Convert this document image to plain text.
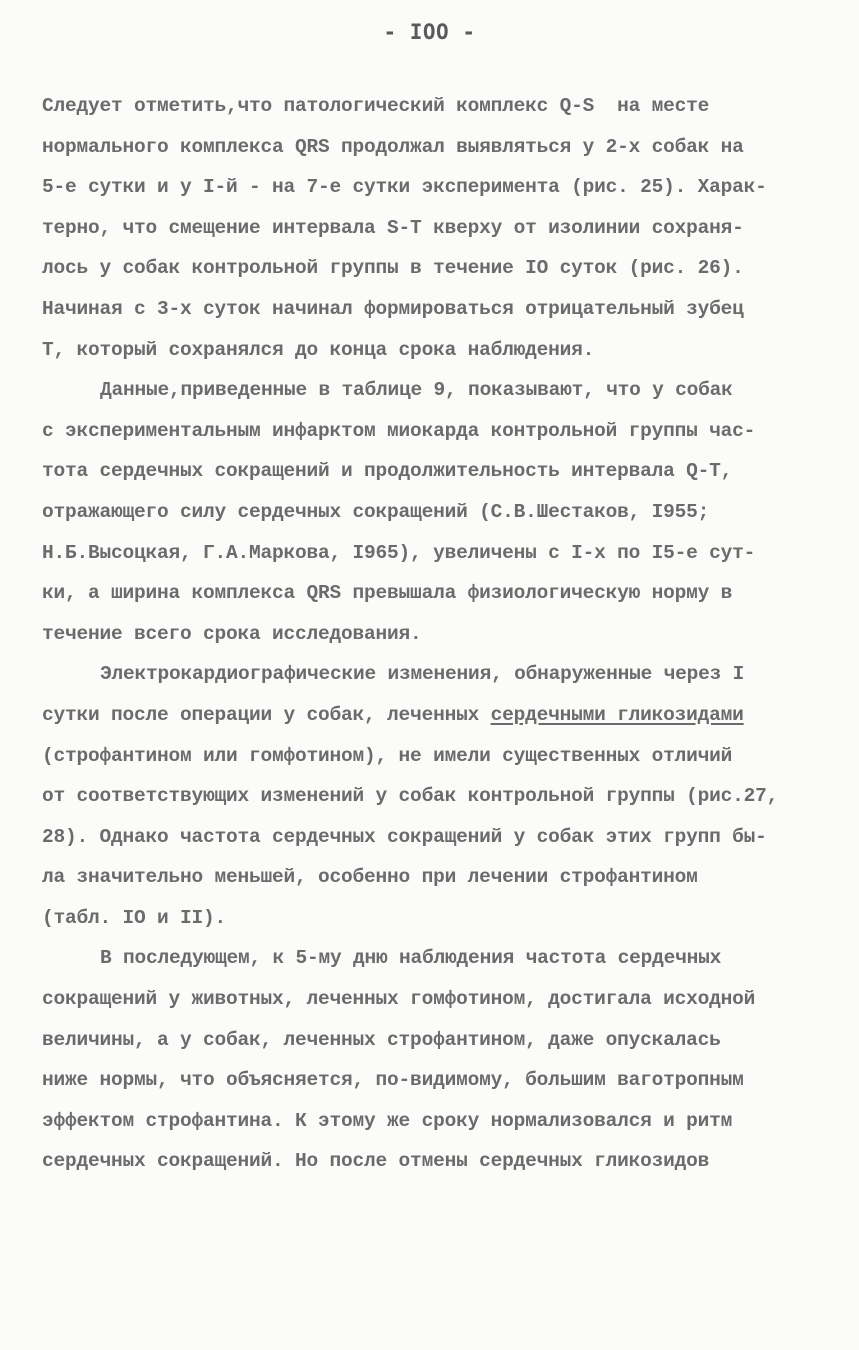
- IOO -
Следует отметить,что патологический комплекс Q-Ѕ  на месте
нормального комплекса QRЅ продолжал выявляться у 2-х собак на
5-е сутки и у I-й - на 7-е сутки эксперимента (рис. 25). Харак-
терно, что смещение интервала Ѕ-Т кверху от изолинии сохраня-
лось у собак контрольной группы в течение IO суток (рис. 26).
Начиная с 3-х суток начинал формироваться отрицательный зубец
Т, который сохранялся до конца срока наблюдения.
Данные,приведенные в таблице 9, показывают, что у собак
с экспериментальным инфарктом миокарда контрольной группы час-
тота сердечных сокращений и продолжительность интервала Q-Т,
отражающего силу сердечных сокращений (С.В.Шестаков, I955;
Н.Б.Высоцкая, Г.А.Маркова, I965), увеличены с I-х по I5-е сут-
ки, а ширина комплекса QRЅ превышала физиологическую норму в
течение всего срока исследования.
Электрокардиографические изменения, обнаруженные через I
сутки после операции у собак, леченных сердечными гликозидами
(строфантином или гомфотином), не имели существенных отличий
от соответствующих изменений у собак контрольной группы (рис.27,
28). Однако частота сердечных сокращений у собак этих групп бы-
ла значительно меньшей, особенно при лечении строфантином
(табл. IO и II).
В последующем, к 5-му дню наблюдения частота сердечных
сокращений у животных, леченных гомфотином, достигала исходной
величины, а у собак, леченных строфантином, даже опускалась
ниже нормы, что объясняется, по-видимому, большим ваготропным
эффектом строфантина. К этому же сроку нормализовался и ритм
сердечных сокращений. Но после отмены сердечных гликозидов
